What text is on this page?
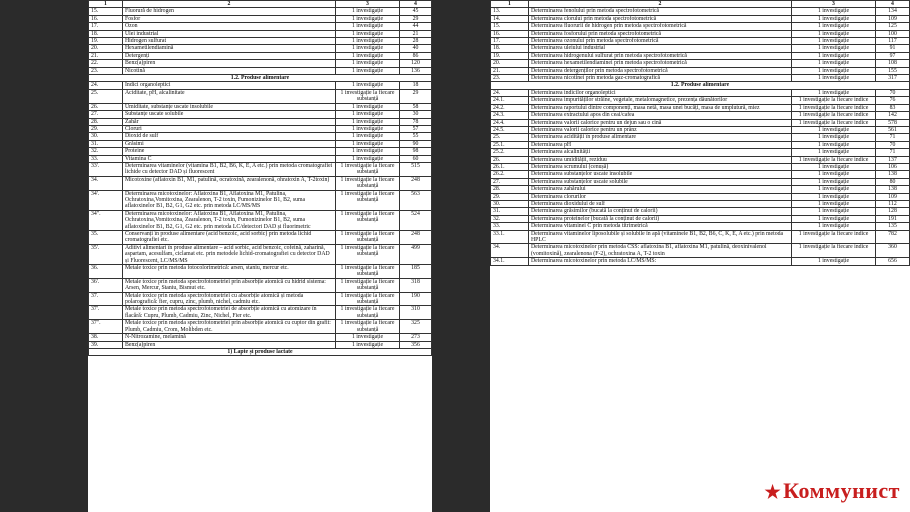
1	2	3	4
15.	Fluorură de hidrogen	1 investigație	45
16.	Fosfor	1 investigație	29
17.	Ozon	1 investigație	44
18.	Ulei industrial	1 investigație	21
19.	Hidrogen sulfurat	1 investigație	28
20.	Hexametilendiamină	1 investigație	40
21.	Detergenți	1 investigație	86
22.	Benz(a)piren	1 investigație	120
23.	Nicotină	1 investigație	136
1.2. Produse alimentare			
24.	Indici organoleptici	1 investigație	18
25.	Aciditate, pH, alcalinitate	1 investigație la fiecare substanță	29
26.	Umiditate, substanțe uscate insolubile	1 investigație	58
27.	Substanțe uscate solubile	1 investigație	30
28.	Zahăr	1 investigație	78
29.	Cloruri	1 investigație	57
30.	Dioxid de sulf	1 investigație	55
31.	Grăsimi	1 investigație	90
32.	Proteine	1 investigație	98
33.	Vitamina C	1 investigație	60
33'.	Determinarea vitaminelor (vitamina B1, B2, B6, K, E, A etc.) prin metoda cromatografiei lichide cu detector DAD și fluorescent	1 investigație la fiecare substanță	515
34.	Micotoxine (aflatoxin B1, M1, patulină, ocratoxină, zearalenonă, ohratoxin A, T-2toxin)	1 investigație la fiecare substanță	248
34'.	Determinarea micotoxinelor: Aflatoxina B1, Aflatoxina M1, Patulina, Ochratoxina,Vomitoxina, Zearalenon, T-2 toxin, Fumonizinelor B1, B2, suma aflatoxinelor B1, B2, G1, G2 etc. prin metoda LC/MS/MS	1 investigație la fiecare substanță	563
34".	Determinarea micotoxinelor: Aflatoxina B1, Aflatoxina M1, Patulina, Ochratoxina,Vomitoxina, Zearalenon, T-2 toxin, Fumonizinelor B1, B2, suma aflatoxinelor B1, B2, G1, G2 etc. prin metoda LC/detectori DAD și fluorimetric	1 investigație la fiecare substanță	524
35.	Conservanți în produse alimentare (acid benzoic, acid sorbic) prin metoda lichid cromatografiei etc.	1 investigație la fiecare substanță	248
35'.	Aditivi alimentari în produse alimentare – acid sorbic, acid benzoic, cofeină, zaharină, aspartam, acesulfam, ciclamat etc. prin metodele lichid-cromatografiei cu detector DAD și Fluorescent, LC/MS/MS	1 investigație la fiecare substanță	499
36.	Metale toxice prin metoda fotocolorimetrică: arsen, staniu, mercur etc.	1 investigație la fiecare substanță	185
36'.	Metale toxice prin metoda spectrofotometriei prin absorbție atomică cu hidrid sistema: Arsen, Mercur, Staniu, Bismut etc.	1 investigație la fiecare substanță	318
37.	Metale toxice prin metoda spectrofotometriei cu absorbție atomică și metoda polarografică: fier, cupru, zinc, plumb, nichel, cadmiu etc.	1 investigație la fiecare substanță	190
37'.	Metale toxice prin metoda spectrofotometriei de absorbție atomică cu atomizare în flacără: Cupru, Plumb, Cadmiu, Zinc, Nichel, Fier etc.	1 investigație la fiecare substanță	310
37".	Metale toxice prin metoda spectrofotometriei prin absorbție atomică cu cuptor din grafit: Plumb, Cadmiu, Crom, Molibden etc.	1 investigație la fiecare substanță	325
38.	N-Nitrozamine, melamină	1 investigație	273
39.	Benz(a)piren	1 investigație	356
1) Lapte și produse lactate			
1	2	3	4
13.	Determinarea fenolului prin metoda spectrofotometrică	1 investigație	134
14.	Determinarea clorului prin metoda spectrofotometrică	1 investigație	109
15.	Determinarea fluorurii de hidrogen prin metoda spectrofotometrică	1 investigație	125
16.	Determinarea fosforului prin metoda spectrofotometrică	1 investigație	100
17.	Determinarea ozonului prin metoda spectrofotometrică	1 investigație	117
18.	Determinarea uleiului industrial	1 investigație	91
19.	Determinarea hidrogenului sulfurat prin metoda spectrofotometrică	1 investigație	97
20.	Determinarea hexametilendiaminei prin metoda spectrofotometrică	1 investigație	108
21.	Determinarea detergenților prin metoda spectrofotometrică	1 investigație	155
23.	Determinarea nicotinei prin metoda gaz-cromatografică	1 investigație	317
1.2. Produse alimentare			
24.	Determinarea indicilor organoleptici	1 investigație	70
24.1.	Determinarea impurităților străine, vegetale, metalomagnetice, prezența dăunătorilor	1 investigație la fiecare indice	76
24.2.	Determinarea raportului dintre componenți, masa netă, masa unei bucăți, masa de umplutură, miez	1 investigație la fiecare indice	83
24.3.	Determinarea extractului apos din ceai/cafea	1 investigație la fiecare indice	142
24.4.	Determinarea valorii calorice pentru un dejun sau o cină	1 investigație la fiecare indice	578
24.5.	Determinarea valorii calorice pentru un prânz	1 investigație	561
25.	Determinarea acidității în produse alimentare	1 investigație	71
25.1.	Determinarea pH	1 investigație	70
25.2.	Determinarea alcalinității	1 investigație	71
26.	Determinarea umidității, reziduu	1 investigație la fiecare indice	137
26.1.	Determinarea scrumului (cenușă)	1 investigație	106
26.2.	Determinarea substanțelor uscate insolubile	1 investigație	138
27.	Determinarea substanțelor uscate solubile	1 investigație	80
28.	Determinarea zahărului	1 investigație	138
29.	Determinarea clorurilor	1 investigație	109
30.	Determinarea dioxidului de sulf	1 investigație	112
31.	Determinarea grăsimilor (bucată la conținut de calorii)	1 investigație	128
32.	Determinarea proteinelor (bucată la conținut de calorii)	1 investigație	191
33.	Determinarea vitaminei C prin metoda titrimetrică	1 investigație	135
33.1.	Determinarea vitaminelor liposolubile și solubile în apă (vitaminele B1, B2, B6, C, K, E, A etc.) prin metoda HPLC	1 investigație la fiecare indice	782
34.	Determinarea micotoxinelor prin metoda CSS: aflatoxina B1, aflatoxina M1, patulină, deoxinivalenol (vomitoxină), zearalenona (F-2), ochratoxina A, T-2 toxin	1 investigație la fiecare indice	360
34.1.	Determinarea micotoxinelor prin metoda LC/MS/MS:	1 investigație	656
★Коммунист
